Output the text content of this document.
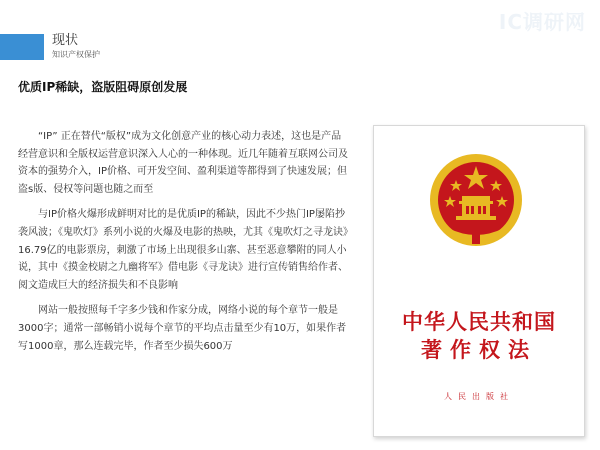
现状
知识产权保护
IC调研网
优质IP稀缺，盗版阻碍原创发展

“IP” 正在替代“版权”成为文化创意产业的核心动力表述，这也是产品经营意识和全版权运营意识深入人心的一种体现。近几年随着互联网公司及资本的强势介入，IP价格、可开发空间、盈利渠道等都得到了快速发展；但盗s版、侵权等问题也随之而至

与IP价格火爆形成鲜明对比的是优质IP的稀缺，因此不少热门IP屡陷抄袭风波；《鬼吹灯》系列小说的火爆及电影的热映，尤其《鬼吹灯之寻龙诀》16.79亿的电影票房，刺激了市场上出现很多山寨、甚至恶意攀附的同人小说，其中《摸金校尉之九幽将军》借电影《寻龙诀》进行宣传销售给作者、阅文造成巨大的经济损失和不良影响

网站一般按照每千字多少钱和作家分成，网络小说的每个章节一般是3000字；通常一部畅销小说每个章节的平均点击量至少有10万，如果作者写1000章，那么连载完毕，作者至少损失600万

中华人民共和国
著作权法
人民出版社
